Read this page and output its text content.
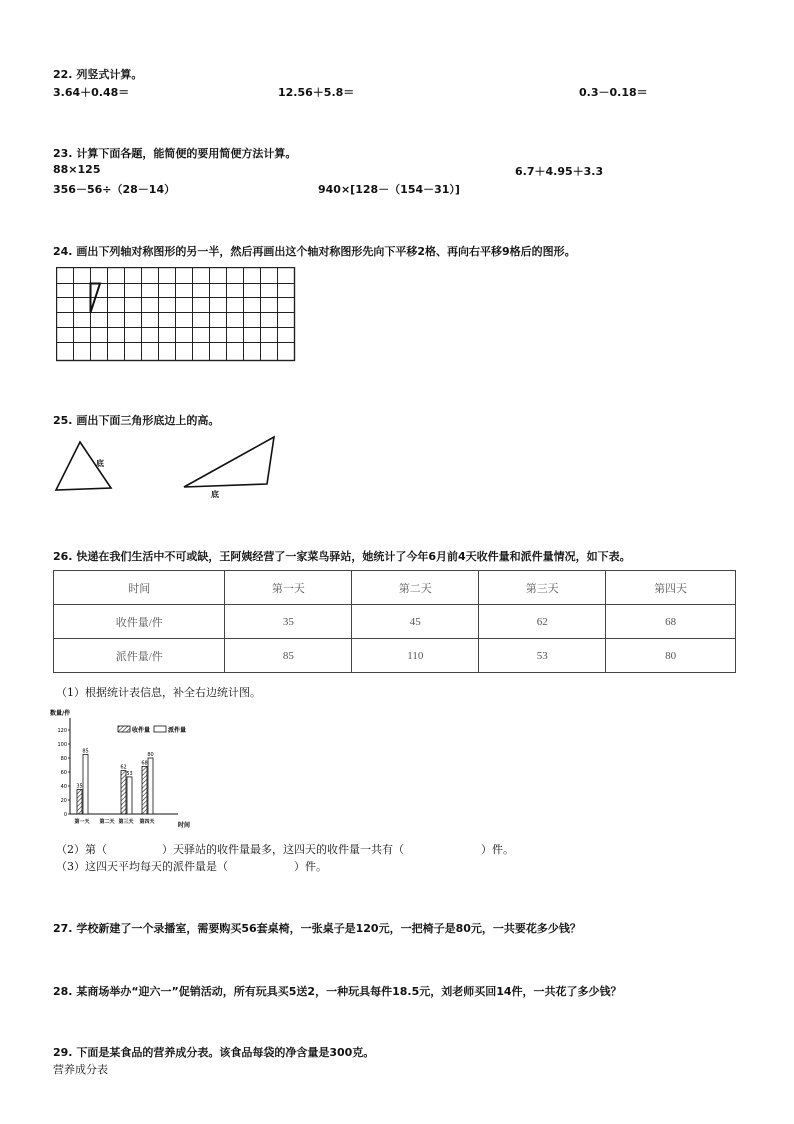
22. 列竖式计算。
3.64＋0.48＝	12.56＋5.8＝	0.3－0.18＝
23. 计算下面各题，能简便的要用简便方法计算。
88×125	6.7＋4.95＋3.3
356－56÷（28－14）	940×[128－（154－31）]
24. 画出下列轴对称图形的另一半，然后再画出这个轴对称图形先向下平移2格、再向右平移9格后的图形。
25. 画出下面三角形底边上的高。
底
底
26. 快递在我们生活中不可或缺，王阿姨经营了一家菜鸟驿站，她统计了今年6月前4天收件量和派件量情况，如下表。
时间	第一天	第二天	第三天	第四天
收件量/件	35	45	62	68
派件量/件	85	110	53	80
（1）根据统计表信息，补全右边统计图。
数量/件
时间
0
20
40
60
80
100
120	收件量	派件量
35
85
第一天 第二天
62
53
第三天
68
80
第四天
（2）第（　　　　　）天驿站的收件量最多，这四天的收件量一共有（　　　　　　　）件。
（3）这四天平均每天的派件量是（　　　　　　）件。
27. 学校新建了一个录播室，需要购买56套桌椅，一张桌子是120元，一把椅子是80元，一共要花多少钱？
28. 某商场举办“迎六一”促销活动，所有玩具买5送2，一种玩具每件18.5元，刘老师买回14件，一共花了多少钱？
29. 下面是某食品的营养成分表。该食品每袋的净含量是300克。
营养成分表
